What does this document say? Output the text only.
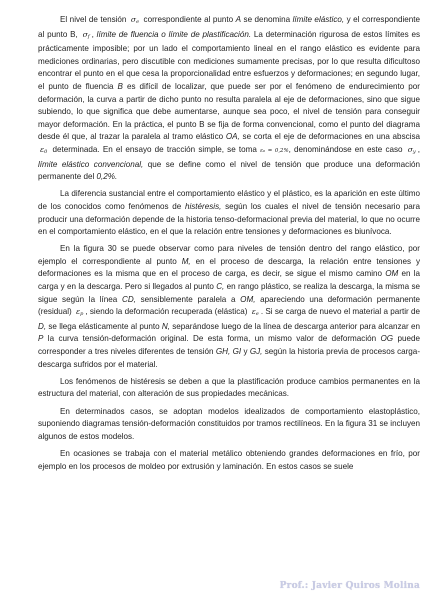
El nivel de tensión $\sigma_e$ correspondiente al punto A se denomina límite elástico, y el correspondiente al punto B, $\sigma_f$ , límite de fluencia o límite de plastificación. La determinación rigurosa de estos límites es prácticamente imposible; por un lado el comportamiento lineal en el rango elástico es evidente para mediciones ordinarias, pero discutible con mediciones sumamente precisas, por lo que resulta dificultoso encontrar el punto en el que cesa la proporcionalidad entre esfuerzos y deformaciones; en segundo lugar, el punto de fluencia B es difícil de localizar, que puede ser por el fenómeno de endurecimiento por deformación, la curva a partir de dicho punto no resulta paralela al eje de deformaciones, sino que sigue subiendo, lo que significa que debe aumentarse, aunque sea poco, el nivel de tensión para conseguir mayor deformación. En la práctica, el punto B se fija de forma convencional, como el punto del diagrama desde él que, al trazar la paralela al tramo elástico OA, se corta el eje de deformaciones en una abscisa $\varepsilon_0$ determinada. En el ensayo de tracción simple, se toma ε₀ = 0,2%, denominándose en este caso $\sigma_y$ , límite elástico convencional, que se define como el nivel de tensión que produce una deformación permanente del 0,2%.

La diferencia sustancial entre el comportamiento elástico y el plástico, es la aparición en este último de los conocidos como fenómenos de histéresis, según los cuales el nivel de tensión necesario para producir una deformación depende de la historia tenso-deformacional previa del material, lo que no ocurre en el comportamiento elástico, en el que la relación entre tensiones y deformaciones es biunívoca.

En la figura 30 se puede observar como para niveles de tensión dentro del rango elástico, por ejemplo el correspondiente al punto M, en el proceso de descarga, la relación entre tensiones y deformaciones es la misma que en el proceso de carga, es decir, se sigue el mismo camino OM en la carga y en la descarga. Pero si llegados al punto C, en rango plástico, se realiza la descarga, la misma se sigue según la línea CD, sensiblemente paralela a OM, apareciendo una deformación permanente (residual) $\varepsilon_p$ , siendo la deformación recuperada (elástica) $\varepsilon_e$ . Si se carga de nuevo el material a partir de D, se llega elásticamente al punto N, separándose luego de la línea de descarga anterior para alcanzar en P la curva tensión-deformación original. De esta forma, un mismo valor de deformación OG puede corresponder a tres niveles diferentes de tensión GH, GI y GJ, según la historia previa de procesos carga-descarga sufridos por el material.

Los fenómenos de histéresis se deben a que la plastificación produce cambios permanentes en la estructura del material, con alteración de sus propiedades mecánicas.

En determinados casos, se adoptan modelos idealizados de comportamiento elastoplástico, suponiendo diagramas tensión-deformación constituidos por tramos rectilíneos. En la figura 31 se incluyen algunos de estos modelos.

En ocasiones se trabaja con el material metálico obteniendo grandes deformaciones en frío, por ejemplo en los procesos de moldeo por extrusión y laminación. En estos casos se suele

Prof.: Javier Quiros Molina
